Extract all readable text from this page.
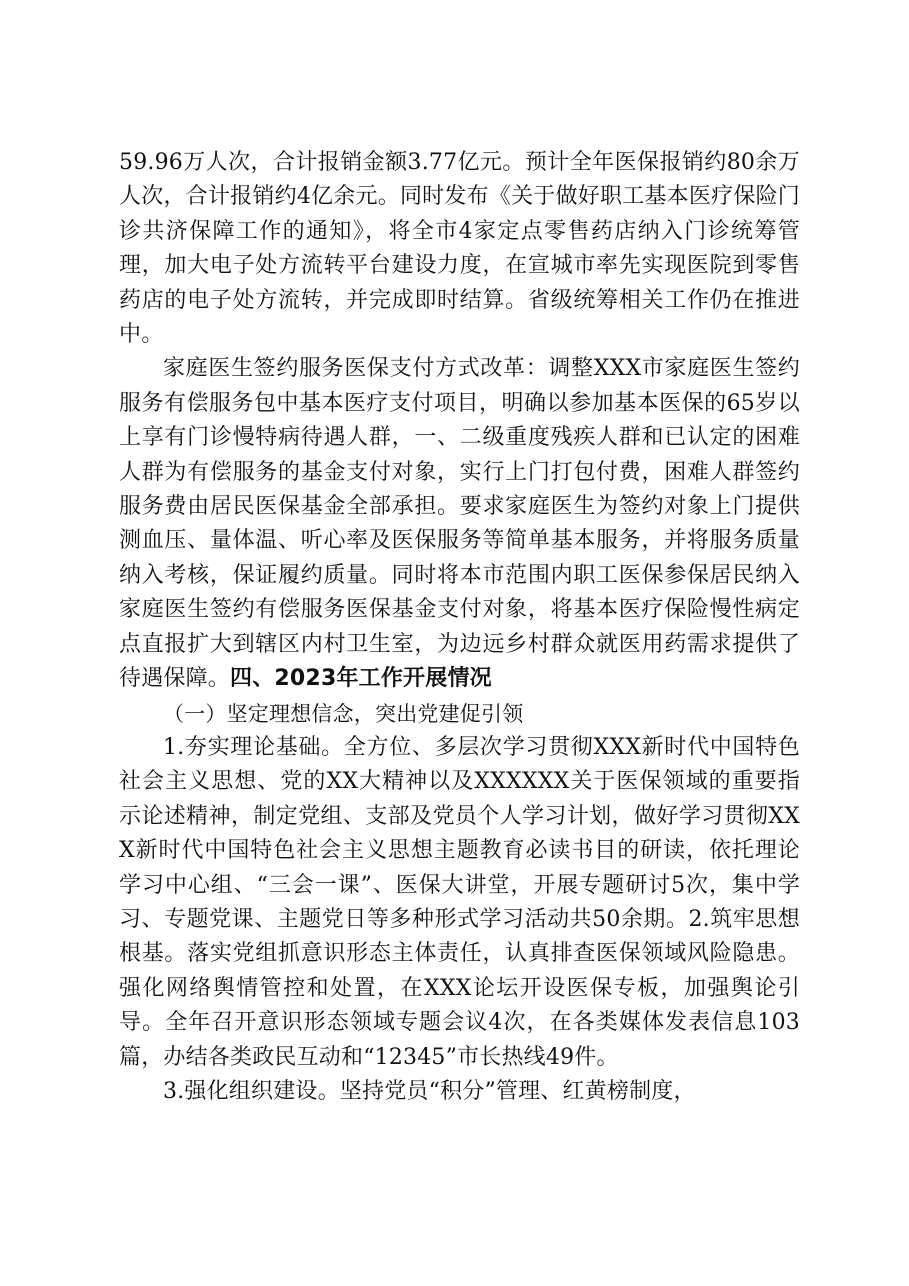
59.96万人次，合计报销金额3.77亿元。预计全年医保报销约80余万人次，合计报销约4亿余元。同时发布《关于做好职工基本医疗保险门诊共济保障工作的通知》，将全市4家定点零售药店纳入门诊统筹管理，加大电子处方流转平台建设力度，在宣城市率先实现医院到零售药店的电子处方流转，并完成即时结算。省级统筹相关工作仍在推进中。

家庭医生签约服务医保支付方式改革：调整XXX市家庭医生签约服务有偿服务包中基本医疗支付项目，明确以参加基本医保的65岁以上享有门诊慢特病待遇人群，一、二级重度残疾人群和已认定的困难人群为有偿服务的基金支付对象，实行上门打包付费，困难人群签约服务费由居民医保基金全部承担。要求家庭医生为签约对象上门提供测血压、量体温、听心率及医保服务等简单基本服务，并将服务质量纳入考核，保证履约质量。同时将本市范围内职工医保参保居民纳入家庭医生签约有偿服务医保基金支付对象，将基本医疗保险慢性病定点直报扩大到辖区内村卫生室，为边远乡村群众就医用药需求提供了待遇保障。四、2023年工作开展情况

（一）坚定理想信念，突出党建促引领

1.夯实理论基础。全方位、多层次学习贯彻XXX新时代中国特色社会主义思想、党的XX大精神以及XXXXXX关于医保领域的重要指示论述精神，制定党组、支部及党员个人学习计划，做好学习贯彻XXX新时代中国特色社会主义思想主题教育必读书目的研读，依托理论学习中心组、“三会一课”、医保大讲堂，开展专题研讨5次，集中学习、专题党课、主题党日等多种形式学习活动共50余期。2.筑牢思想根基。落实党组抓意识形态主体责任，认真排查医保领域风险隐患。强化网络舆情管控和处置，在XXX论坛开设医保专板，加强舆论引导。全年召开意识形态领域专题会议4次，在各类媒体发表信息103篇，办结各类政民互动和“12345”市长热线49件。

3.强化组织建设。坚持党员“积分”管理、红黄榜制度，
